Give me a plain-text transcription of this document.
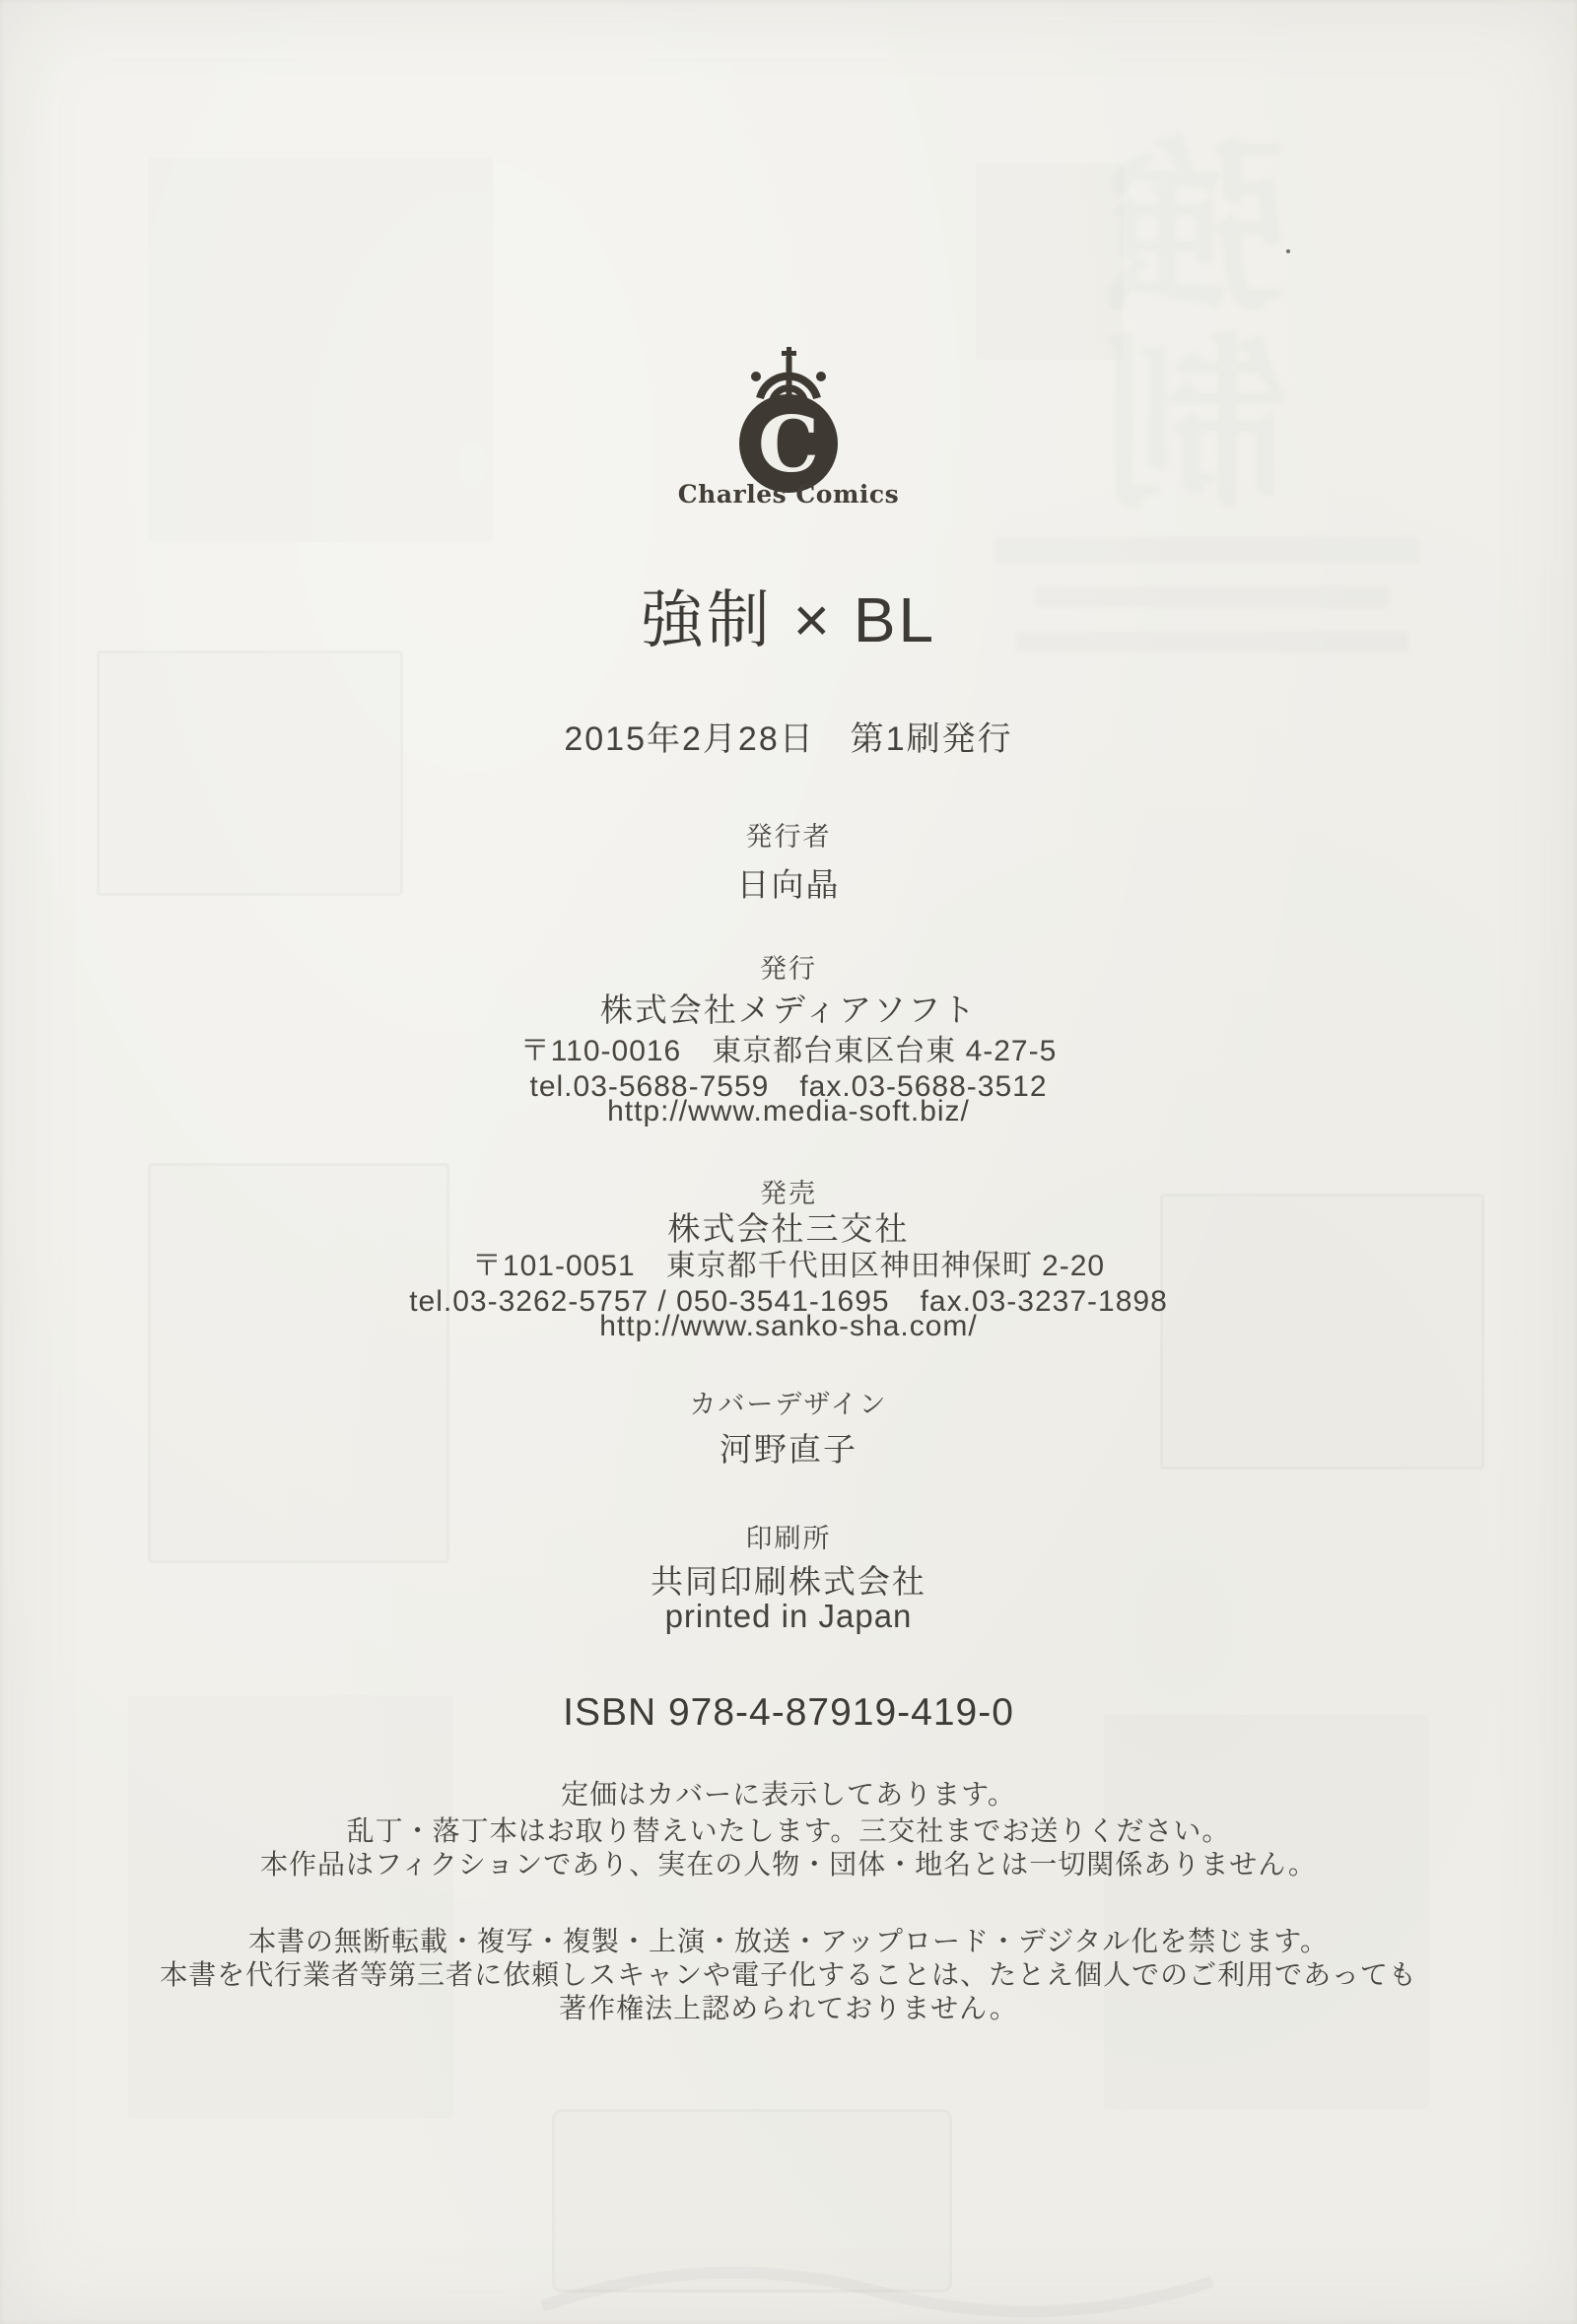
強制
C
Charles Comics
強制 × BL
2015年2月28日　第1刷発行
発行者
日向晶
発行
株式会社メディアソフト
〒110-0016　東京都台東区台東 4-27-5
tel.03-5688-7559　fax.03-5688-3512
http://www.media-soft.biz/
発売
株式会社三交社
〒101-0051　東京都千代田区神田神保町 2-20
tel.03-3262-5757 / 050-3541-1695　fax.03-3237-1898
http://www.sanko-sha.com/
カバーデザイン
河野直子
印刷所
共同印刷株式会社
printed in Japan
ISBN 978-4-87919-419-0
定価はカバーに表示してあります。
乱丁・落丁本はお取り替えいたします。三交社までお送りください。
本作品はフィクションであり、実在の人物・団体・地名とは一切関係ありません。
本書の無断転載・複写・複製・上演・放送・アップロード・デジタル化を禁じます。
本書を代行業者等第三者に依頼しスキャンや電子化することは、たとえ個人でのご利用であっても
著作権法上認められておりません。
